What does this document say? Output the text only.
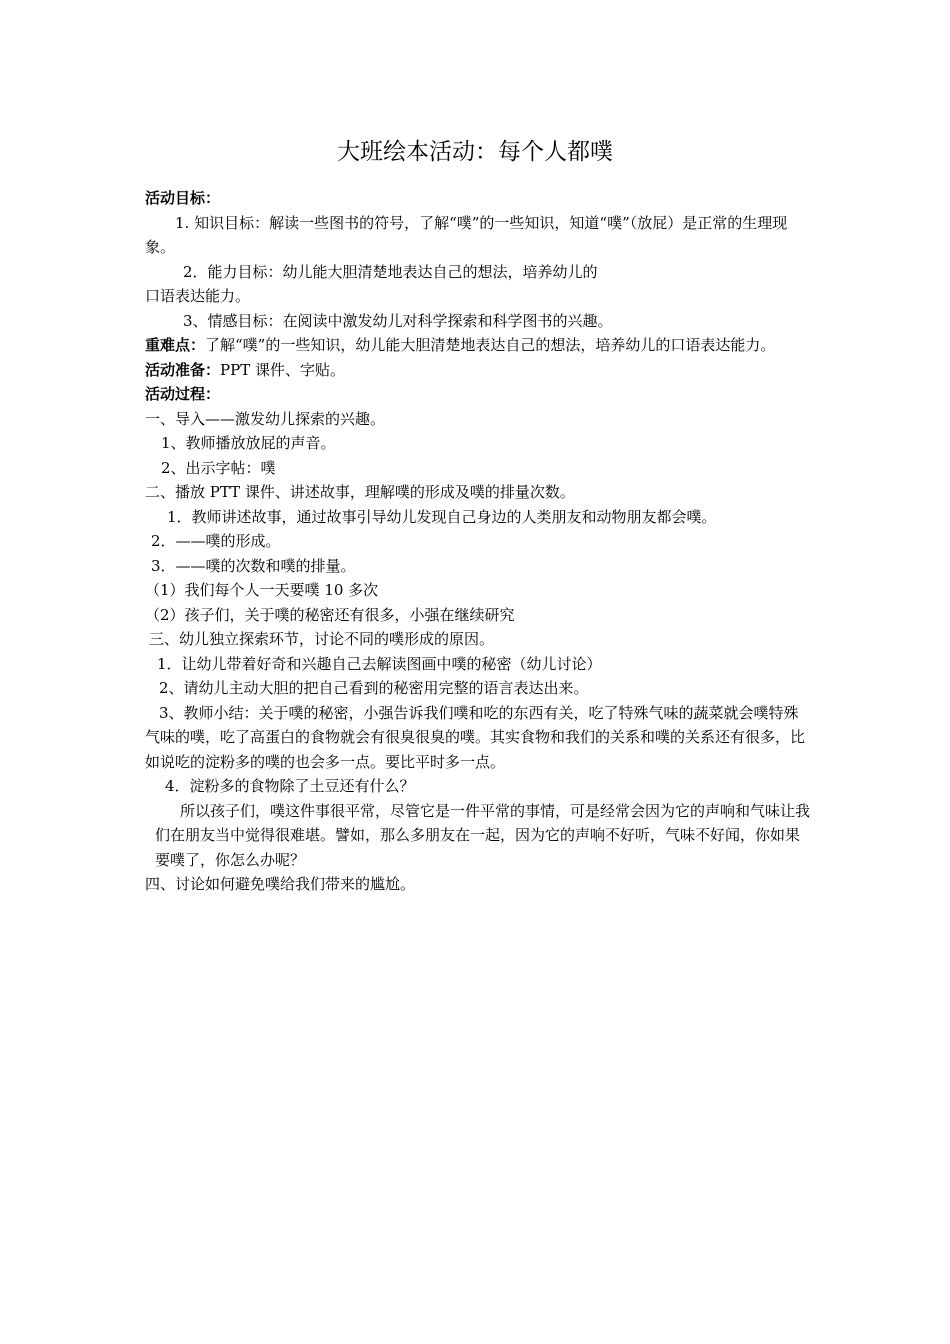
大班绘本活动：每个人都噗

活动目标：

1. 知识目标：解读一些图书的符号，了解“噗”的一些知识，知道“噗”（放屁）是正常的生理现象。

2．能力目标：幼儿能大胆清楚地表达自己的想法，培养幼儿的

口语表达能力。

3、情感目标：在阅读中激发幼儿对科学探索和科学图书的兴趣。

重难点：了解“噗”的一些知识，幼儿能大胆清楚地表达自己的想法，培养幼儿的口语表达能力。

活动准备：PPT 课件、字贴。

活动过程：

一、导入——激发幼儿探索的兴趣。

1、教师播放放屁的声音。

2、出示字帖：噗

二、播放 PTT 课件、讲述故事，理解噗的形成及噗的排量次数。

1．教师讲述故事，通过故事引导幼儿发现自己身边的人类朋友和动物朋友都会噗。

2．——噗的形成。

3．——噗的次数和噗的排量。

（1）我们每个人一天要噗 10 多次

（2）孩子们，关于噗的秘密还有很多，小强在继续研究

三、幼儿独立探索环节，讨论不同的噗形成的原因。

1．让幼儿带着好奇和兴趣自己去解读图画中噗的秘密（幼儿讨论）

2、请幼儿主动大胆的把自己看到的秘密用完整的语言表达出来。

3、教师小结：关于噗的秘密，小强告诉我们噗和吃的东西有关，吃了特殊气味的蔬菜就会噗特殊气味的噗，吃了高蛋白的食物就会有很臭很臭的噗。其实食物和我们的关系和噗的关系还有很多，比如说吃的淀粉多的噗的也会多一点。要比平时多一点。

4．淀粉多的食物除了土豆还有什么？

所以孩子们，噗这件事很平常，尽管它是一件平常的事情，可是经常会因为它的声响和气味让我们在朋友当中觉得很难堪。譬如，那么多朋友在一起，因为它的声响不好听，气味不好闻，你如果要噗了，你怎么办呢？

四、讨论如何避免噗给我们带来的尴尬。
